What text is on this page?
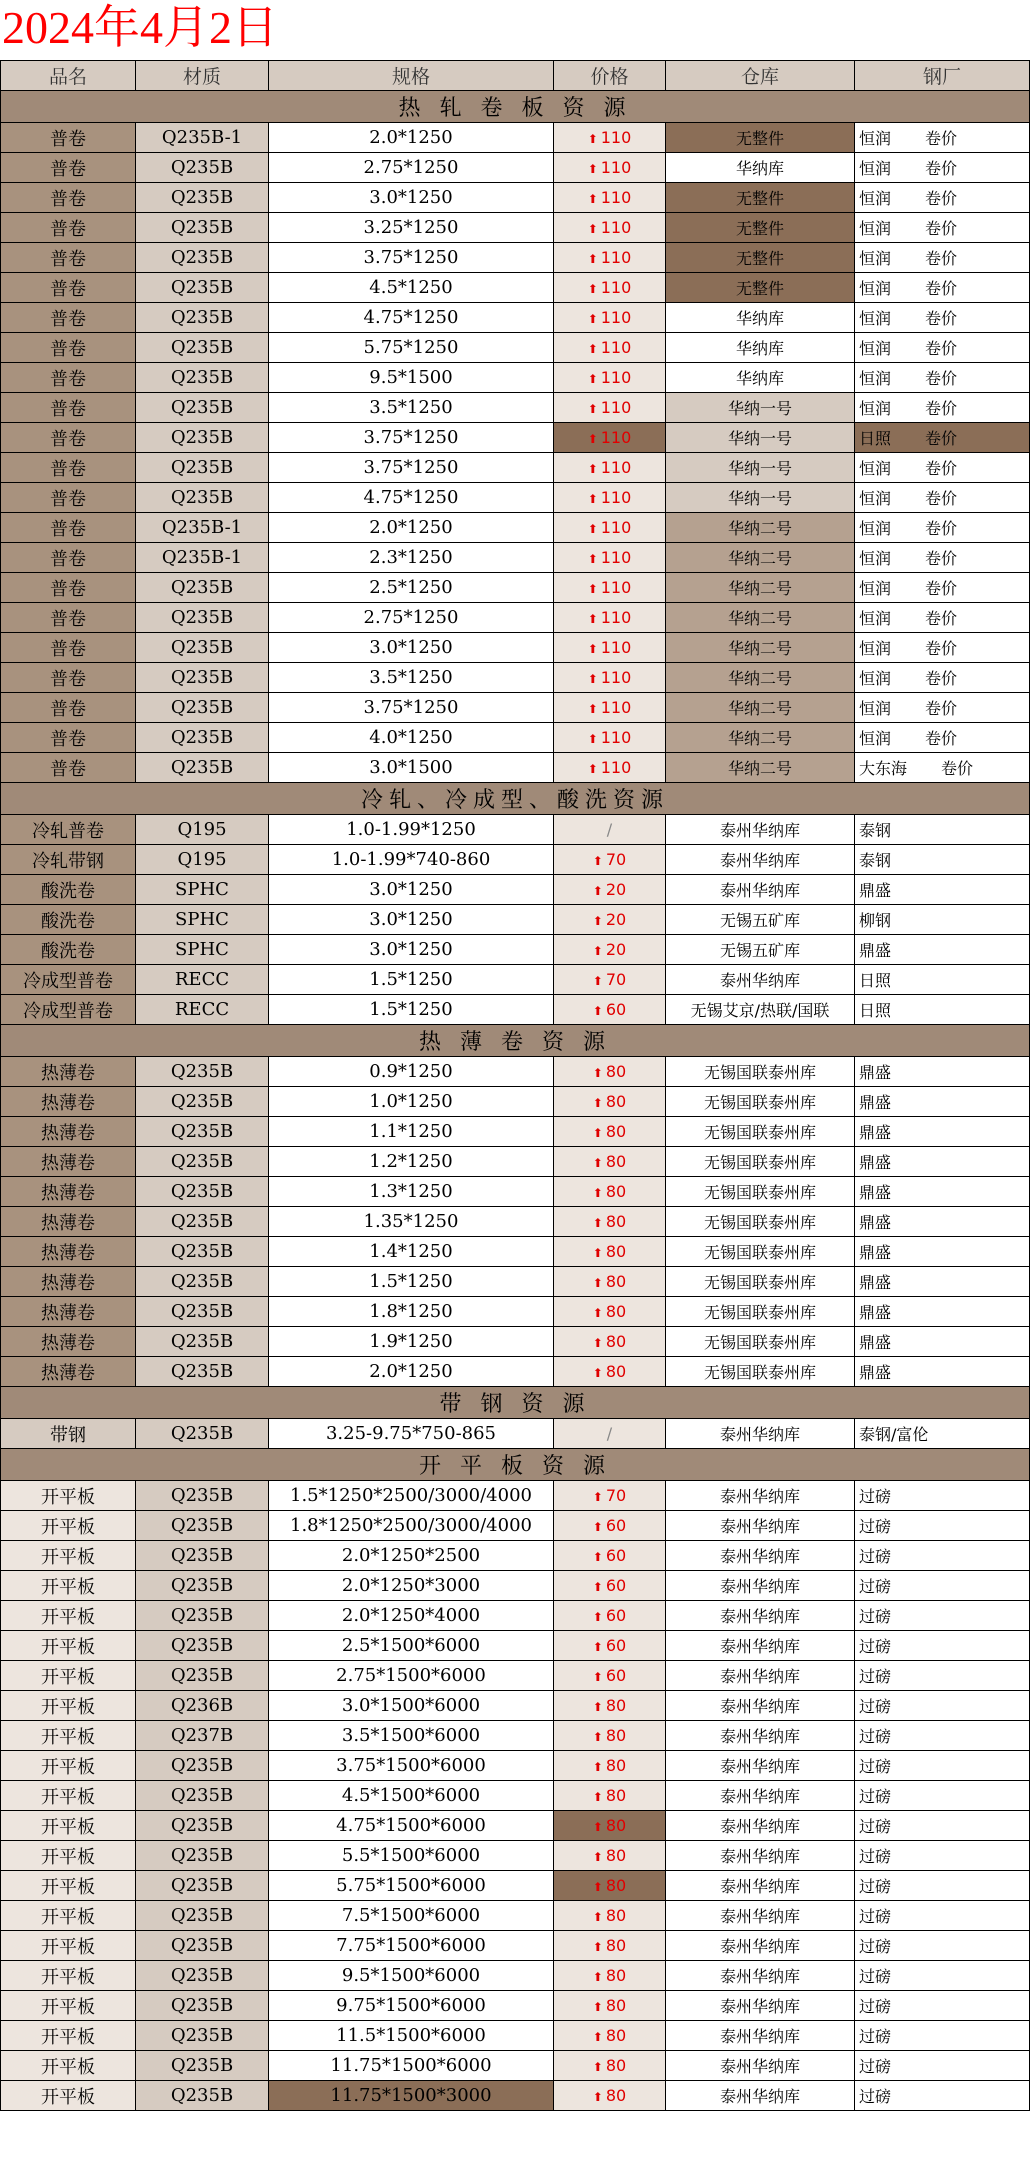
2024年4月2日
品名	材质	规格	价格	仓库	钢厂
热 轧 卷 板 资 源					
普卷	Q235B-1	2.0*1250	⬆ 110	无整件	恒润 卷价
普卷	Q235B	2.75*1250	⬆ 110	华纳库	恒润 卷价
普卷	Q235B	3.0*1250	⬆ 110	无整件	恒润 卷价
普卷	Q235B	3.25*1250	⬆ 110	无整件	恒润 卷价
普卷	Q235B	3.75*1250	⬆ 110	无整件	恒润 卷价
普卷	Q235B	4.5*1250	⬆ 110	无整件	恒润 卷价
普卷	Q235B	4.75*1250	⬆ 110	华纳库	恒润 卷价
普卷	Q235B	5.75*1250	⬆ 110	华纳库	恒润 卷价
普卷	Q235B	9.5*1500	⬆ 110	华纳库	恒润 卷价
普卷	Q235B	3.5*1250	⬆ 110	华纳一号	恒润 卷价
普卷	Q235B	3.75*1250	⬆ 110	华纳一号	日照 卷价
普卷	Q235B	3.75*1250	⬆ 110	华纳一号	恒润 卷价
普卷	Q235B	4.75*1250	⬆ 110	华纳一号	恒润 卷价
普卷	Q235B-1	2.0*1250	⬆ 110	华纳二号	恒润 卷价
普卷	Q235B-1	2.3*1250	⬆ 110	华纳二号	恒润 卷价
普卷	Q235B	2.5*1250	⬆ 110	华纳二号	恒润 卷价
普卷	Q235B	2.75*1250	⬆ 110	华纳二号	恒润 卷价
普卷	Q235B	3.0*1250	⬆ 110	华纳二号	恒润 卷价
普卷	Q235B	3.5*1250	⬆ 110	华纳二号	恒润 卷价
普卷	Q235B	3.75*1250	⬆ 110	华纳二号	恒润 卷价
普卷	Q235B	4.0*1250	⬆ 110	华纳二号	恒润 卷价
普卷	Q235B	3.0*1500	⬆ 110	华纳二号	大东海 卷价
冷轧、冷成型、酸洗资源					
冷轧普卷	Q195	1.0-1.99*1250	/	泰州华纳库	泰钢
冷轧带钢	Q195	1.0-1.99*740-860	⬆ 70	泰州华纳库	泰钢
酸洗卷	SPHC	3.0*1250	⬆ 20	泰州华纳库	鼎盛
酸洗卷	SPHC	3.0*1250	⬆ 20	无锡五矿库	柳钢
酸洗卷	SPHC	3.0*1250	⬆ 20	无锡五矿库	鼎盛
冷成型普卷	RECC	1.5*1250	⬆ 70	泰州华纳库	日照
冷成型普卷	RECC	1.5*1250	⬆ 60	无锡艾京/热联/国联	日照
热 薄 卷 资 源					
热薄卷	Q235B	0.9*1250	⬆ 80	无锡国联泰州库	鼎盛
热薄卷	Q235B	1.0*1250	⬆ 80	无锡国联泰州库	鼎盛
热薄卷	Q235B	1.1*1250	⬆ 80	无锡国联泰州库	鼎盛
热薄卷	Q235B	1.2*1250	⬆ 80	无锡国联泰州库	鼎盛
热薄卷	Q235B	1.3*1250	⬆ 80	无锡国联泰州库	鼎盛
热薄卷	Q235B	1.35*1250	⬆ 80	无锡国联泰州库	鼎盛
热薄卷	Q235B	1.4*1250	⬆ 80	无锡国联泰州库	鼎盛
热薄卷	Q235B	1.5*1250	⬆ 80	无锡国联泰州库	鼎盛
热薄卷	Q235B	1.8*1250	⬆ 80	无锡国联泰州库	鼎盛
热薄卷	Q235B	1.9*1250	⬆ 80	无锡国联泰州库	鼎盛
热薄卷	Q235B	2.0*1250	⬆ 80	无锡国联泰州库	鼎盛
带 钢 资 源					
带钢	Q235B	3.25-9.75*750-865	/	泰州华纳库	泰钢/富伦
开 平 板 资 源					
开平板	Q235B	1.5*1250*2500/3000/4000	⬆ 70	泰州华纳库	过磅
开平板	Q235B	1.8*1250*2500/3000/4000	⬆ 60	泰州华纳库	过磅
开平板	Q235B	2.0*1250*2500	⬆ 60	泰州华纳库	过磅
开平板	Q235B	2.0*1250*3000	⬆ 60	泰州华纳库	过磅
开平板	Q235B	2.0*1250*4000	⬆ 60	泰州华纳库	过磅
开平板	Q235B	2.5*1500*6000	⬆ 60	泰州华纳库	过磅
开平板	Q235B	2.75*1500*6000	⬆ 60	泰州华纳库	过磅
开平板	Q236B	3.0*1500*6000	⬆ 80	泰州华纳库	过磅
开平板	Q237B	3.5*1500*6000	⬆ 80	泰州华纳库	过磅
开平板	Q235B	3.75*1500*6000	⬆ 80	泰州华纳库	过磅
开平板	Q235B	4.5*1500*6000	⬆ 80	泰州华纳库	过磅
开平板	Q235B	4.75*1500*6000	⬆ 80	泰州华纳库	过磅
开平板	Q235B	5.5*1500*6000	⬆ 80	泰州华纳库	过磅
开平板	Q235B	5.75*1500*6000	⬆ 80	泰州华纳库	过磅
开平板	Q235B	7.5*1500*6000	⬆ 80	泰州华纳库	过磅
开平板	Q235B	7.75*1500*6000	⬆ 80	泰州华纳库	过磅
开平板	Q235B	9.5*1500*6000	⬆ 80	泰州华纳库	过磅
开平板	Q235B	9.75*1500*6000	⬆ 80	泰州华纳库	过磅
开平板	Q235B	11.5*1500*6000	⬆ 80	泰州华纳库	过磅
开平板	Q235B	11.75*1500*6000	⬆ 80	泰州华纳库	过磅
开平板	Q235B	11.75*1500*3000	⬆ 80	泰州华纳库	过磅
